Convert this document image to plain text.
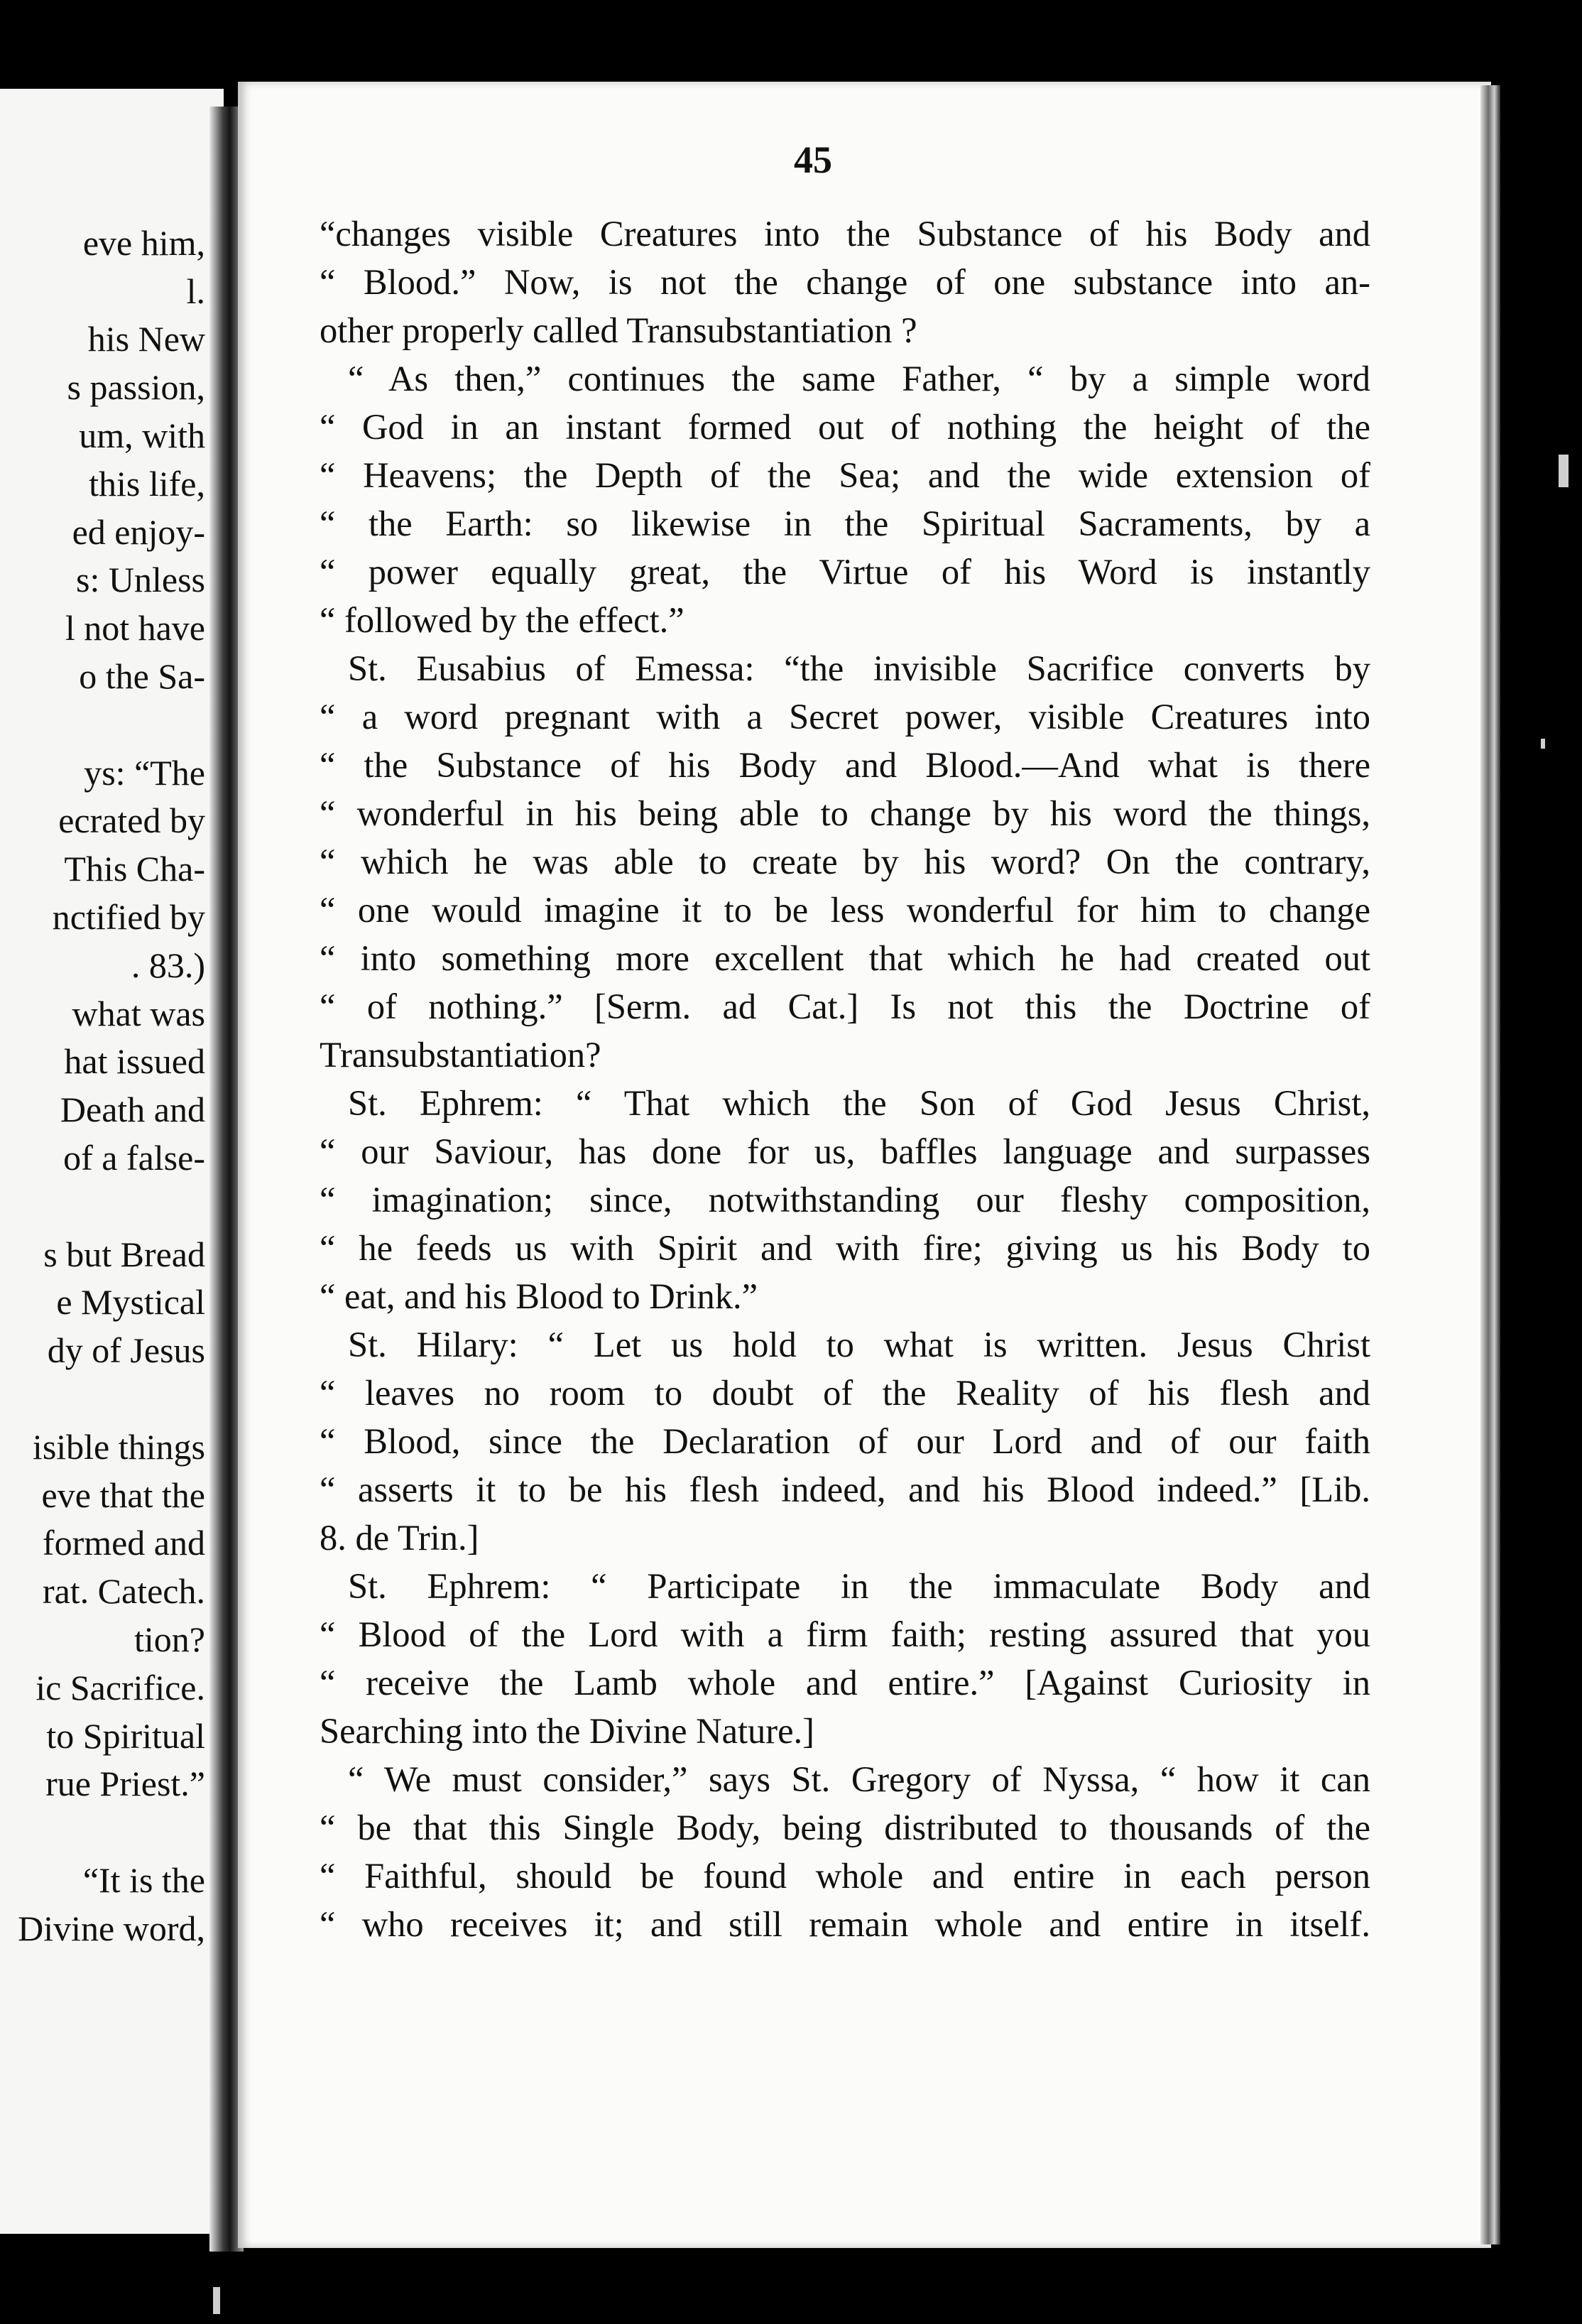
eve him,
l.
his New
s passion,
um, with
this life,
ed enjoy-
s: Unless
l not have
o the Sa-
ys: “The
ecrated by
This Cha-
nctified by
. 83.)
what was
hat issued
Death and
of a false-
s but Bread
e Mystical
dy of Jesus
isible things
eve that the
formed and
rat. Catech.
tion?
ic Sacrifice.
to Spiritual
rue Priest.”
“It is the
Divine word,
45
“changes visible Creatures into the Substance of his Body and
“ Blood.” Now, is not the change of one substance into an-
other properly called Transubstantiation ?
“ As then,” continues the same Father, “ by a simple word
“ God in an instant formed out of nothing the height of the
“ Heavens; the Depth of the Sea; and the wide extension of
“ the Earth: so likewise in the Spiritual Sacraments, by a
“ power equally great, the Virtue of his Word is instantly
“ followed by the effect.”
St. Eusabius of Emessa: “the invisible Sacrifice converts by
“ a word pregnant with a Secret power, visible Creatures into
“ the Substance of his Body and Blood.—And what is there
“ wonderful in his being able to change by his word the things,
“ which he was able to create by his word? On the contrary,
“ one would imagine it to be less wonderful for him to change
“ into something more excellent that which he had created out
“ of nothing.” [Serm. ad Cat.] Is not this the Doctrine of
Transubstantiation?
St. Ephrem: “ That which the Son of God Jesus Christ,
“ our Saviour, has done for us, baffles language and surpasses
“ imagination; since, notwithstanding our fleshy composition,
“ he feeds us with Spirit and with fire; giving us his Body to
“ eat, and his Blood to Drink.”
St. Hilary: “ Let us hold to what is written. Jesus Christ
“ leaves no room to doubt of the Reality of his flesh and
“ Blood, since the Declaration of our Lord and of our faith
“ asserts it to be his flesh indeed, and his Blood indeed.” [Lib.
8. de Trin.]
St. Ephrem: “ Participate in the immaculate Body and
“ Blood of the Lord with a firm faith; resting assured that you
“ receive the Lamb whole and entire.” [Against Curiosity in
Searching into the Divine Nature.]
“ We must consider,” says St. Gregory of Nyssa, “ how it can
“ be that this Single Body, being distributed to thousands of the
“ Faithful, should be found whole and entire in each person
“ who receives it; and still remain whole and entire in itself.
